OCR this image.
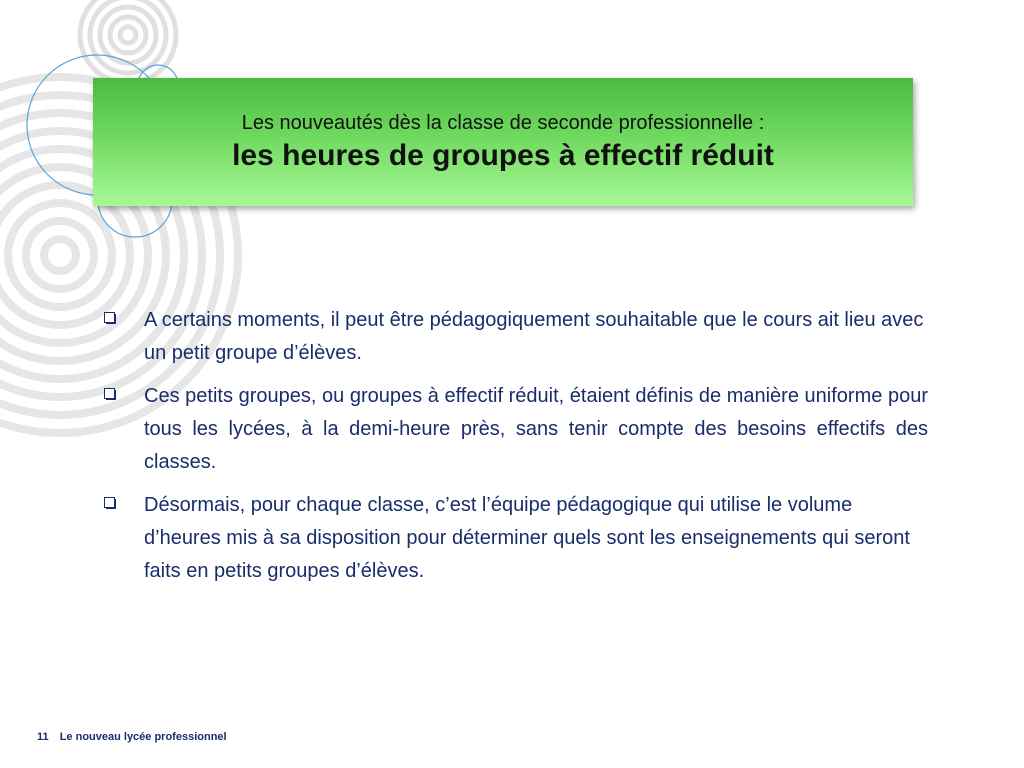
Les nouveautés dès la classe de seconde professionnelle :
les heures de groupes à effectif réduit
A certains moments, il peut être pédagogiquement souhaitable que le cours ait lieu avec un petit groupe d’élèves.
Ces petits groupes, ou groupes à effectif réduit, étaient définis de manière uniforme pour tous les lycées, à la demi-heure près, sans tenir compte des besoins effectifs des classes.
Désormais, pour chaque classe, c’est l’équipe pédagogique qui utilise le volume d’heures mis à sa disposition pour déterminer quels sont les enseignements qui seront faits en petits groupes d’élèves.
11 Le nouveau lycée professionnel
